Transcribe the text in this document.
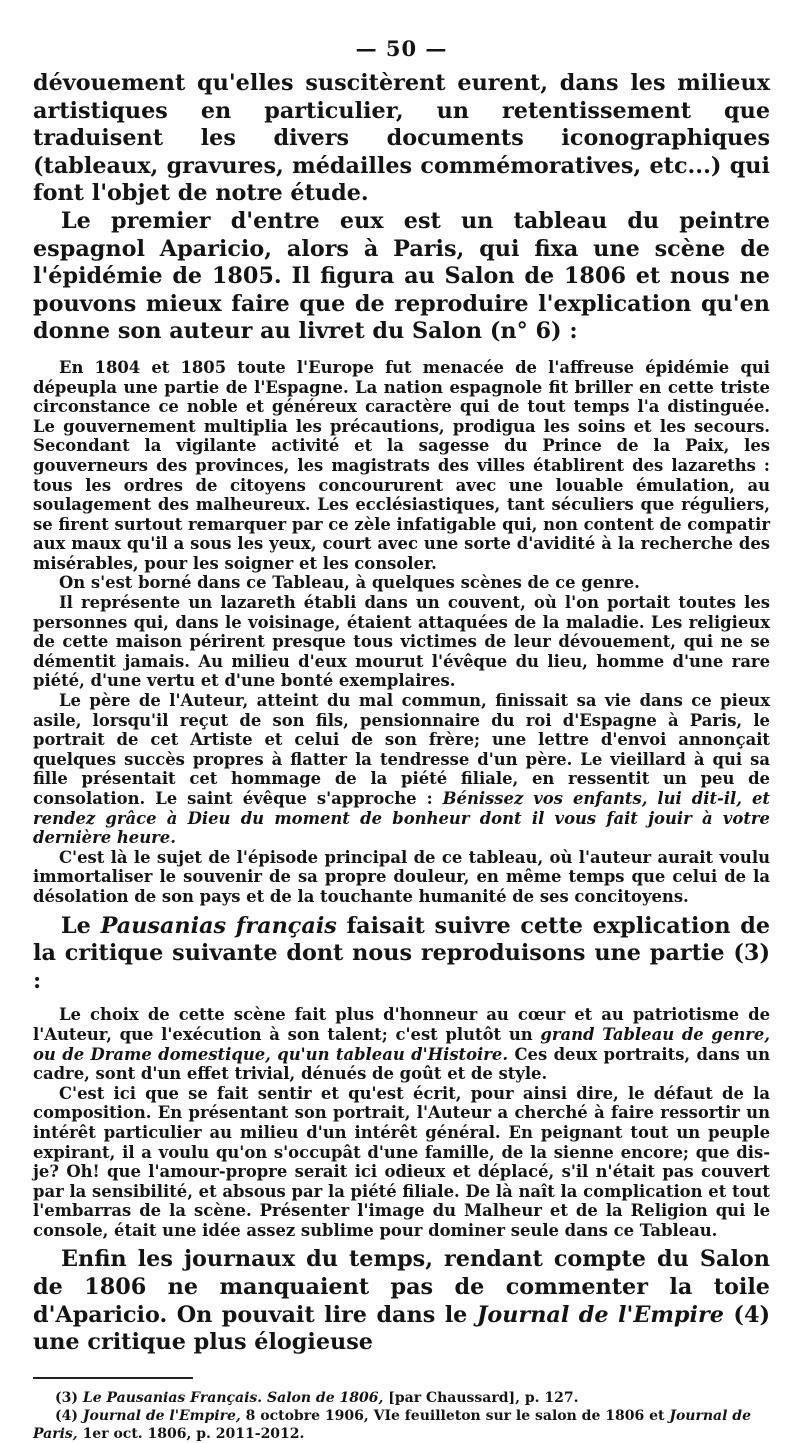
— 50 —

dévouement qu'elles suscitèrent eurent, dans les milieux artistiques en particulier, un retentissement que traduisent les divers documents iconographiques (tableaux, gravures, médailles commémoratives, etc...) qui font l'objet de notre étude.

Le premier d'entre eux est un tableau du peintre espagnol Aparicio, alors à Paris, qui fixa une scène de l'épidémie de 1805. Il figura au Salon de 1806 et nous ne pouvons mieux faire que de reproduire l'explication qu'en donne son auteur au livret du Salon (n° 6) :

En 1804 et 1805 toute l'Europe fut menacée de l'affreuse épidémie qui dépeupla une partie de l'Espagne. La nation espagnole fit briller en cette triste circonstance ce noble et généreux caractère qui de tout temps l'a distinguée. Le gouvernement multiplia les précautions, prodigua les soins et les secours. Secondant la vigilante activité et la sagesse du Prince de la Paix, les gouverneurs des provinces, les magistrats des villes établirent des lazareths : tous les ordres de citoyens concoururent avec une louable émulation, au soulagement des malheureux. Les ecclésiastiques, tant séculiers que réguliers, se firent surtout remarquer par ce zèle infatigable qui, non content de compatir aux maux qu'il a sous les yeux, court avec une sorte d'avidité à la recherche des misérables, pour les soigner et les consoler.

On s'est borné dans ce Tableau, à quelques scènes de ce genre.

Il représente un lazareth établi dans un couvent, où l'on portait toutes les personnes qui, dans le voisinage, étaient attaquées de la maladie. Les religieux de cette maison périrent presque tous victimes de leur dévouement, qui ne se démentit jamais. Au milieu d'eux mourut l'évêque du lieu, homme d'une rare piété, d'une vertu et d'une bonté exemplaires.

Le père de l'Auteur, atteint du mal commun, finissait sa vie dans ce pieux asile, lorsqu'il reçut de son fils, pensionnaire du roi d'Espagne à Paris, le portrait de cet Artiste et celui de son frère; une lettre d'envoi annonçait quelques succès propres à flatter la tendresse d'un père. Le vieillard à qui sa fille présentait cet hommage de la piété filiale, en ressentit un peu de consolation. Le saint évêque s'approche : Bénissez vos enfants, lui dit-il, et rendez grâce à Dieu du moment de bonheur dont il vous fait jouir à votre dernière heure.

C'est là le sujet de l'épisode principal de ce tableau, où l'auteur aurait voulu immortaliser le souvenir de sa propre douleur, en même temps que celui de la désolation de son pays et de la touchante humanité de ses concitoyens.

Le Pausanias français faisait suivre cette explication de la critique suivante dont nous reproduisons une partie (3) :

Le choix de cette scène fait plus d'honneur au cœur et au patriotisme de l'Auteur, que l'exécution à son talent; c'est plutôt un grand Tableau de genre, ou de Drame domestique, qu'un tableau d'Histoire. Ces deux portraits, dans un cadre, sont d'un effet trivial, dénués de goût et de style.

C'est ici que se fait sentir et qu'est écrit, pour ainsi dire, le défaut de la composition. En présentant son portrait, l'Auteur a cherché à faire ressortir un intérêt particulier au milieu d'un intérêt général. En peignant tout un peuple expirant, il a voulu qu'on s'occupât d'une famille, de la sienne encore; que dis-je? Oh! que l'amour-propre serait ici odieux et déplacé, s'il n'était pas couvert par la sensibilité, et absous par la piété filiale. De là naît la complication et tout l'embarras de la scène. Présenter l'image du Malheur et de la Religion qui le console, était une idée assez sublime pour dominer seule dans ce Tableau.

Enfin les journaux du temps, rendant compte du Salon de 1806 ne manquaient pas de commenter la toile d'Aparicio. On pouvait lire dans le Journal de l'Empire (4) une critique plus élogieuse

(3) Le Pausanias Français. Salon de 1806, [par Chaussard], p. 127.

(4) Journal de l'Empire, 8 octobre 1906, VIe feuilleton sur le salon de 1806 et Journal de Paris, 1er oct. 1806, p. 2011-2012.
